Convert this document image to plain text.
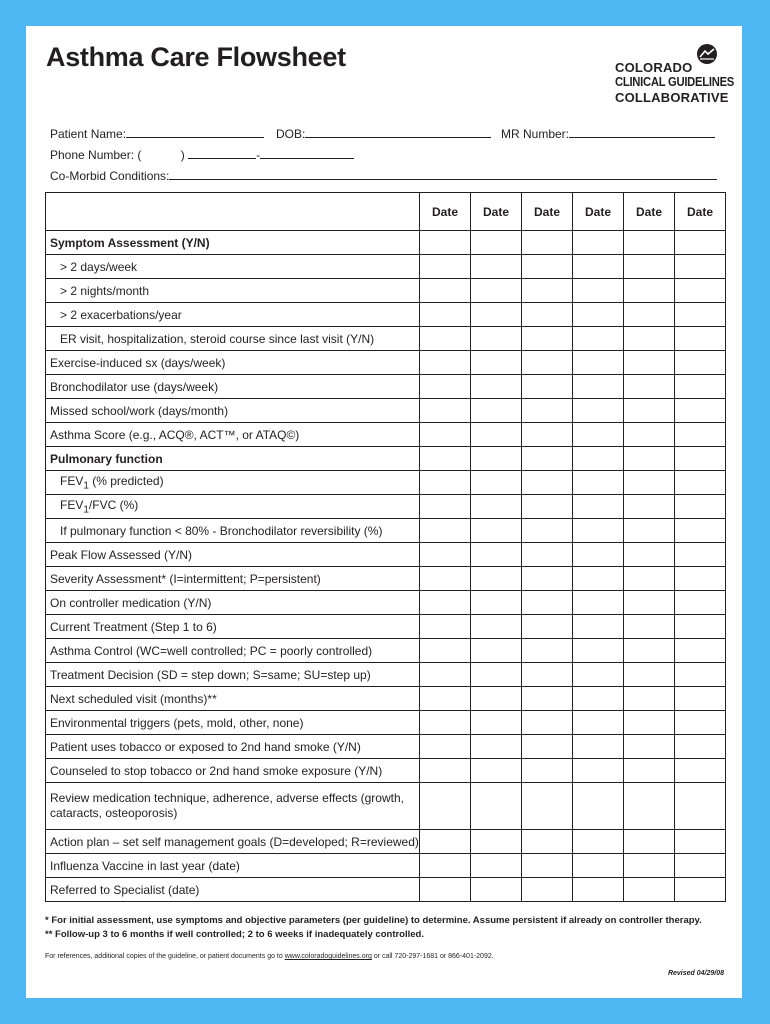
Asthma Care Flowsheet	COLORADO
CLINICAL GUIDELINES
COLLABORATIVE
Patient Name:	DOB:	MR Number:
Phone Number: (	)	-
Co-Morbid Conditions:
	Date	Date	Date	Date	Date	Date
Symptom Assessment (Y/N)						
> 2 days/week						
> 2 nights/month						
> 2 exacerbations/year						
ER visit, hospitalization, steroid course since last visit (Y/N)						
Exercise-induced sx (days/week)						
Bronchodilator use (days/week)						
Missed school/work (days/month)						
Asthma Score (e.g., ACQ®, ACT™, or ATAQ©)						
Pulmonary function						
$FEV_1$ (% predicted)						
$FEV_1$/FVC (%)						
If pulmonary function < 80% - Bronchodilator reversibility (%)						
Peak Flow Assessed (Y/N)						
Severity Assessment* (I=intermittent; P=persistent)						
On controller medication (Y/N)						
Current Treatment (Step 1 to 6)						
Asthma Control (WC=well controlled; PC = poorly controlled)						
Treatment Decision (SD = step down; S=same; SU=step up)						
Next scheduled visit (months)**						
Environmental triggers (pets, mold, other, none)						
Patient uses tobacco or exposed to 2nd hand smoke (Y/N)						
Counseled to stop tobacco or 2nd hand smoke exposure (Y/N)						
Review medication technique, adherence, adverse effects (growth, cataracts, osteoporosis)						
Action plan – set self management goals (D=developed; R=reviewed)						
Influenza Vaccine in last year (date)						
Referred to Specialist (date)						
* For initial assessment, use symptoms and objective parameters (per guideline) to determine. Assume persistent if already on controller therapy.
** Follow-up 3 to 6 months if well controlled; 2 to 6 weeks if inadequately controlled.
For references, additional copies of the guideline, or patient documents go to www.coloradoguidelines.org or call 720-297-1681 or 866-401-2092.
Revised 04/29/08
